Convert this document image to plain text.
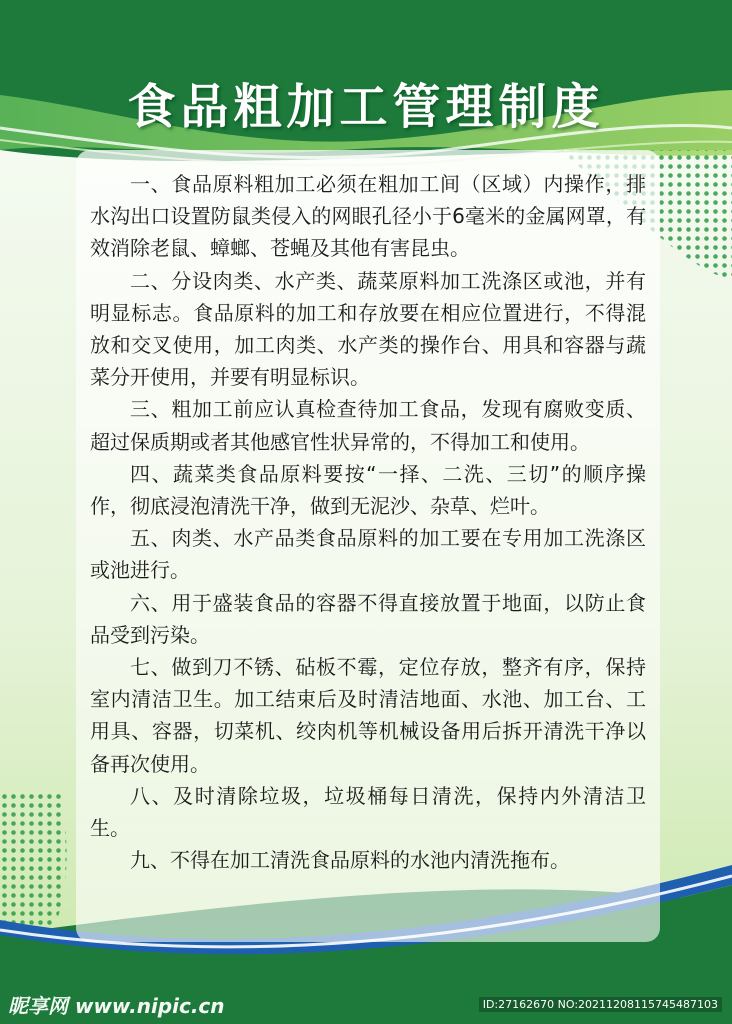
食品粗加工管理制度

一、食品原料粗加工必须在粗加工间（区域）内操作，排水沟出口设置防鼠类侵入的网眼孔径小于6毫米的金属网罩，有效消除老鼠、蟑螂、苍蝇及其他有害昆虫。

二、分设肉类、水产类、蔬菜原料加工洗涤区或池，并有明显标志。食品原料的加工和存放要在相应位置进行，不得混放和交叉使用，加工肉类、水产类的操作台、用具和容器与蔬菜分开使用，并要有明显标识。

三、粗加工前应认真检查待加工食品，发现有腐败变质、超过保质期或者其他感官性状异常的，不得加工和使用。

四、蔬菜类食品原料要按“一择、二洗、三切”的顺序操作，彻底浸泡清洗干净，做到无泥沙、杂草、烂叶。

五、肉类、水产品类食品原料的加工要在专用加工洗涤区或池进行。

六、用于盛装食品的容器不得直接放置于地面，以防止食品受到污染。

七、做到刀不锈、砧板不霉，定位存放，整齐有序，保持室内清洁卫生。加工结束后及时清洁地面、水池、加工台、工用具、容器，切菜机、绞肉机等机械设备用后拆开清洗干净以备再次使用。

八、及时清除垃圾，垃圾桶每日清洗，保持内外清洁卫生。

九、不得在加工清洗食品原料的水池内清洗拖布。

昵享网 www.nipic.cn	ID:27162670 NO:20211208115745487103
